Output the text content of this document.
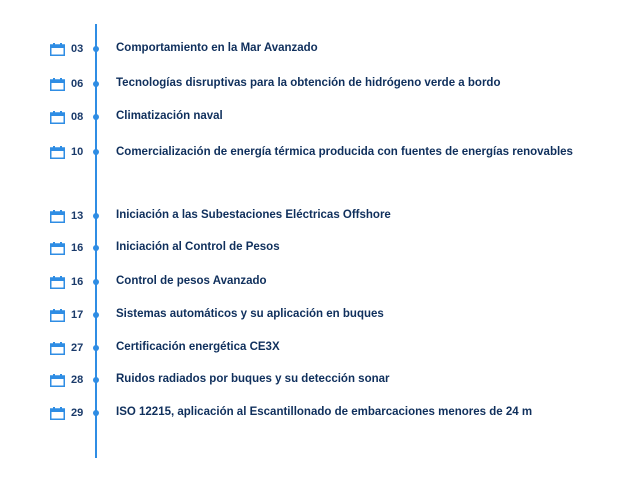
03	Comportamiento en la Mar Avanzado
06	Tecnologías disruptivas para la obtención de hidrógeno verde a bordo
08	Climatización naval
10	Comercialización de energía térmica producida con fuentes de energías renovables
13	Iniciación a las Subestaciones Eléctricas Offshore
16	Iniciación al Control de Pesos
16	Control de pesos Avanzado
17	Sistemas automáticos y su aplicación en buques
27	Certificación energética CE3X
28	Ruidos radiados por buques y su detección sonar
29	ISO 12215, aplicación al Escantillonado de embarcaciones menores de 24 m
